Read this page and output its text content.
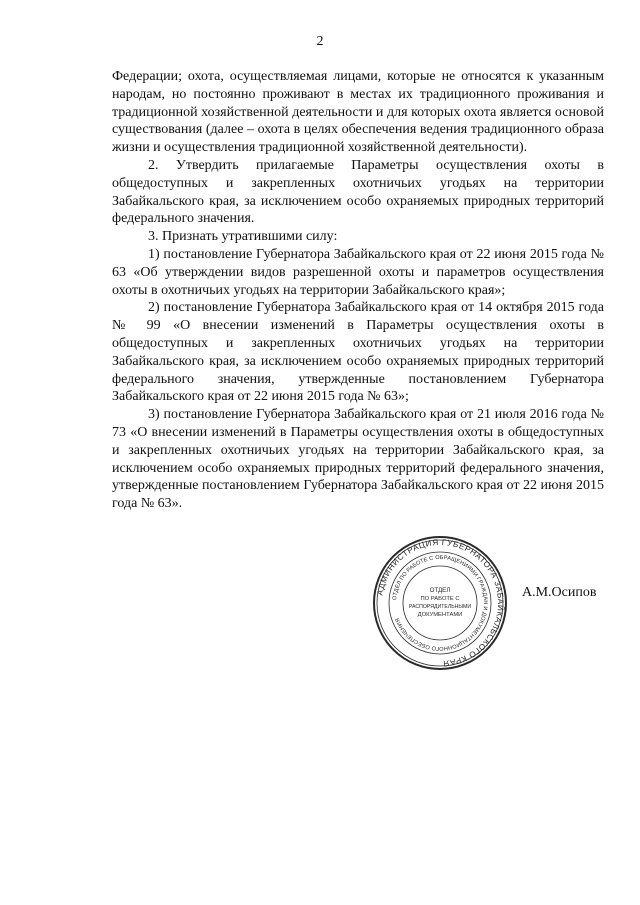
2

Федерации; охота, осуществляемая лицами, которые не относятся к указанным народам, но постоянно проживают в местах их традиционного проживания и традиционной хозяйственной деятельности и для которых охота является основой существования (далее – охота в целях обеспечения ведения традиционного образа жизни и осуществления традиционной хозяйственной деятельности).

2. Утвердить прилагаемые Параметры осуществления охоты в общедоступных и закрепленных охотничьих угодьях на территории Забайкальского края, за исключением особо охраняемых природных территорий федерального значения.

3. Признать утратившими силу:

1) постановление Губернатора Забайкальского края от 22 июня 2015 года № 63 «Об утверждении видов разрешенной охоты и параметров осуществления охоты в охотничьих угодьях на территории Забайкальского края»;

2) постановление Губернатора Забайкальского края от 14 октября 2015 года № 99 «О внесении изменений в Параметры осуществления охоты в общедоступных и закрепленных охотничьих угодьях на территории Забайкальского края, за исключением особо охраняемых природных территорий федерального значения, утвержденные постановлением Губернатора Забайкальского края от 22 июня 2015 года № 63»;

3) постановление Губернатора Забайкальского края от 21 июля 2016 года № 73 «О внесении изменений в Параметры осуществления охоты в общедоступных и закрепленных охотничьих угодьях на территории Забайкальского края, за исключением особо охраняемых природных территорий федерального значения, утвержденные постановлением Губернатора Забайкальского края от 22 июня 2015 года № 63».

АДМИНИСТРАЦИЯ ГУБЕРНАТОРА ЗАБАЙКАЛЬСКОГО КРАЯ
ОТДЕЛ ПО РАБОТЕ С ОБРАЩЕНИЯМИ ГРАЖДАН И ДОКУМЕНТАЦИОННОГО ОБЕСПЕЧЕНИЯ
ОТДЕЛ
ПО РАБОТЕ С
РАСПОРЯДИТЕЛЬНЫМИ
ДОКУМЕНТАМИ
А.М.Осипов
